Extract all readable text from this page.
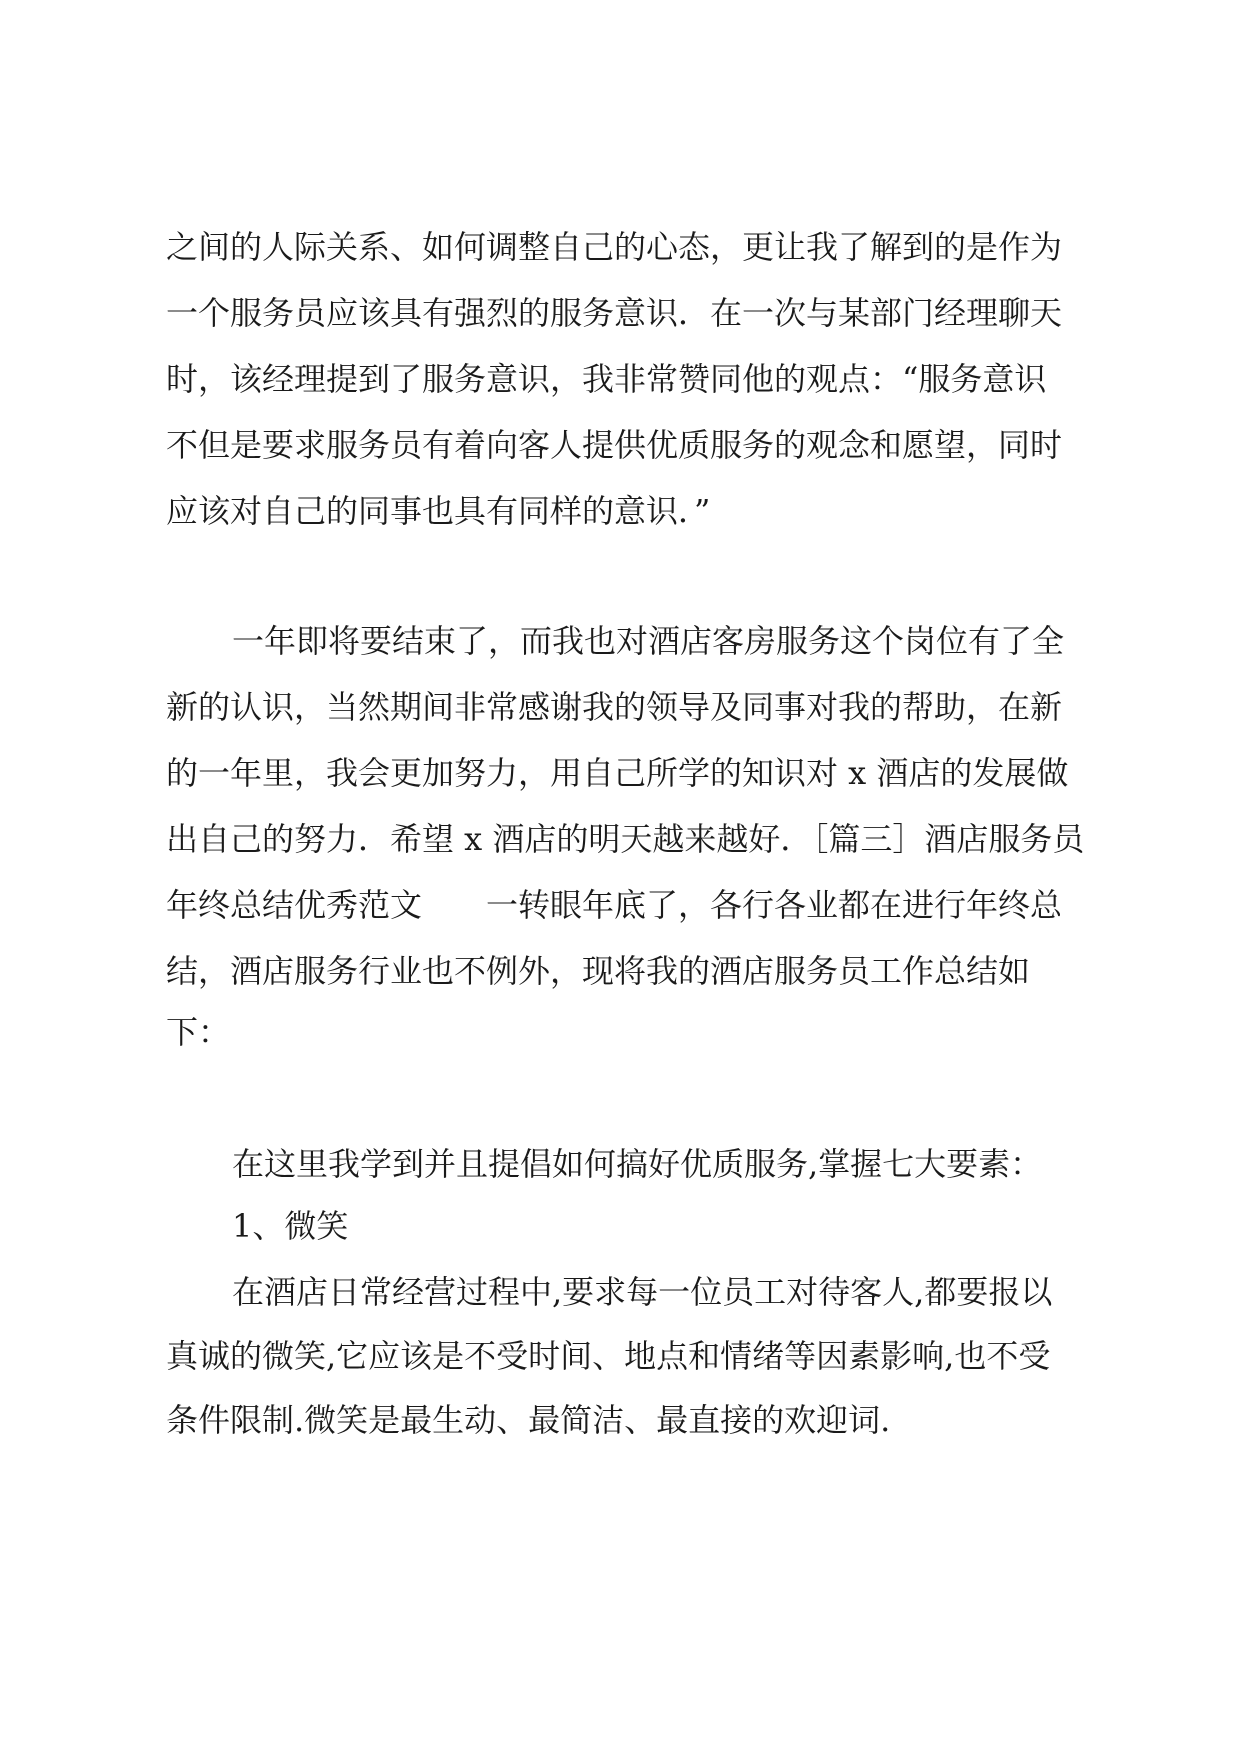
之间的人际关系、如何调整自己的心态，更让我了解到的是作为
一个服务员应该具有强烈的服务意识．在一次与某部门经理聊天
时，该经理提到了服务意识，我非常赞同他的观点：“服务意识
不但是要求服务员有着向客人提供优质服务的观念和愿望，同时
应该对自己的同事也具有同样的意识．”
一年即将要结束了，而我也对酒店客房服务这个岗位有了全
新的认识，当然期间非常感谢我的领导及同事对我的帮助，在新
的一年里，我会更加努力，用自己所学的知识对 x 酒店的发展做
出自己的努力．希望 x 酒店的明天越来越好．［篇三］酒店服务员
年终总结优秀范文　　一转眼年底了，各行各业都在进行年终总
结，酒店服务行业也不例外，现将我的酒店服务员工作总结如
下：
在这里我学到并且提倡如何搞好优质服务,掌握七大要素：
1、微笑
在酒店日常经营过程中,要求每一位员工对待客人,都要报以
真诚的微笑,它应该是不受时间、地点和情绪等因素影响,也不受
条件限制.微笑是最生动、最简洁、最直接的欢迎词.
